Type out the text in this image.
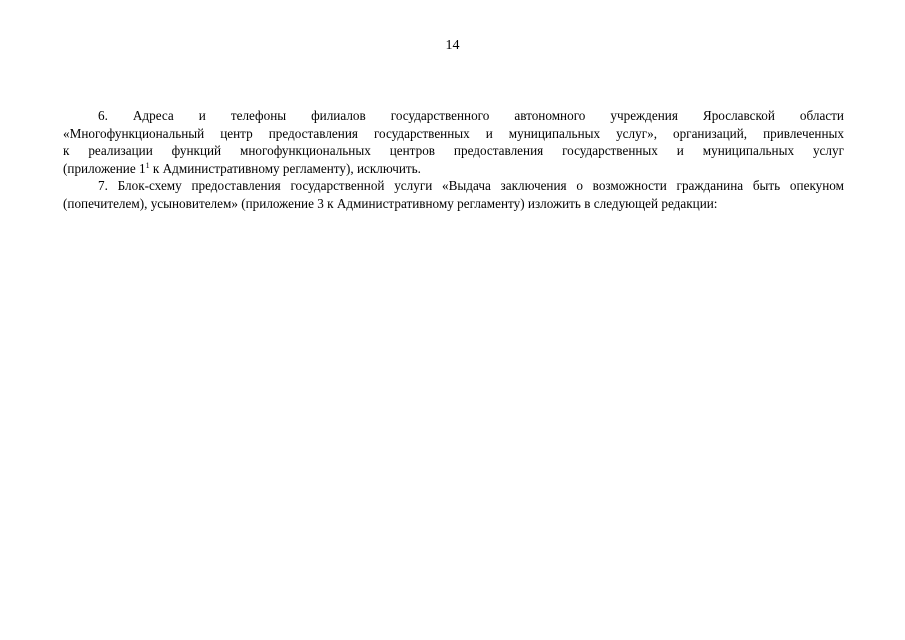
14
6. Адреса и телефоны филиалов государственного автономного учреждения Ярославской области
«Многофункциональный центр предоставления государственных и муниципальных услуг», организаций, привлеченных
к реализации функций многофункциональных центров предоставления государственных и муниципальных услуг
(приложение $1^1$ к Административному регламенту), исключить.
7. Блок-схему предоставления государственной услуги «Выдача заключения о возможности гражданина быть опекуном
(попечителем), усыновителем» (приложение 3 к Административному регламенту) изложить в следующей редакции:
